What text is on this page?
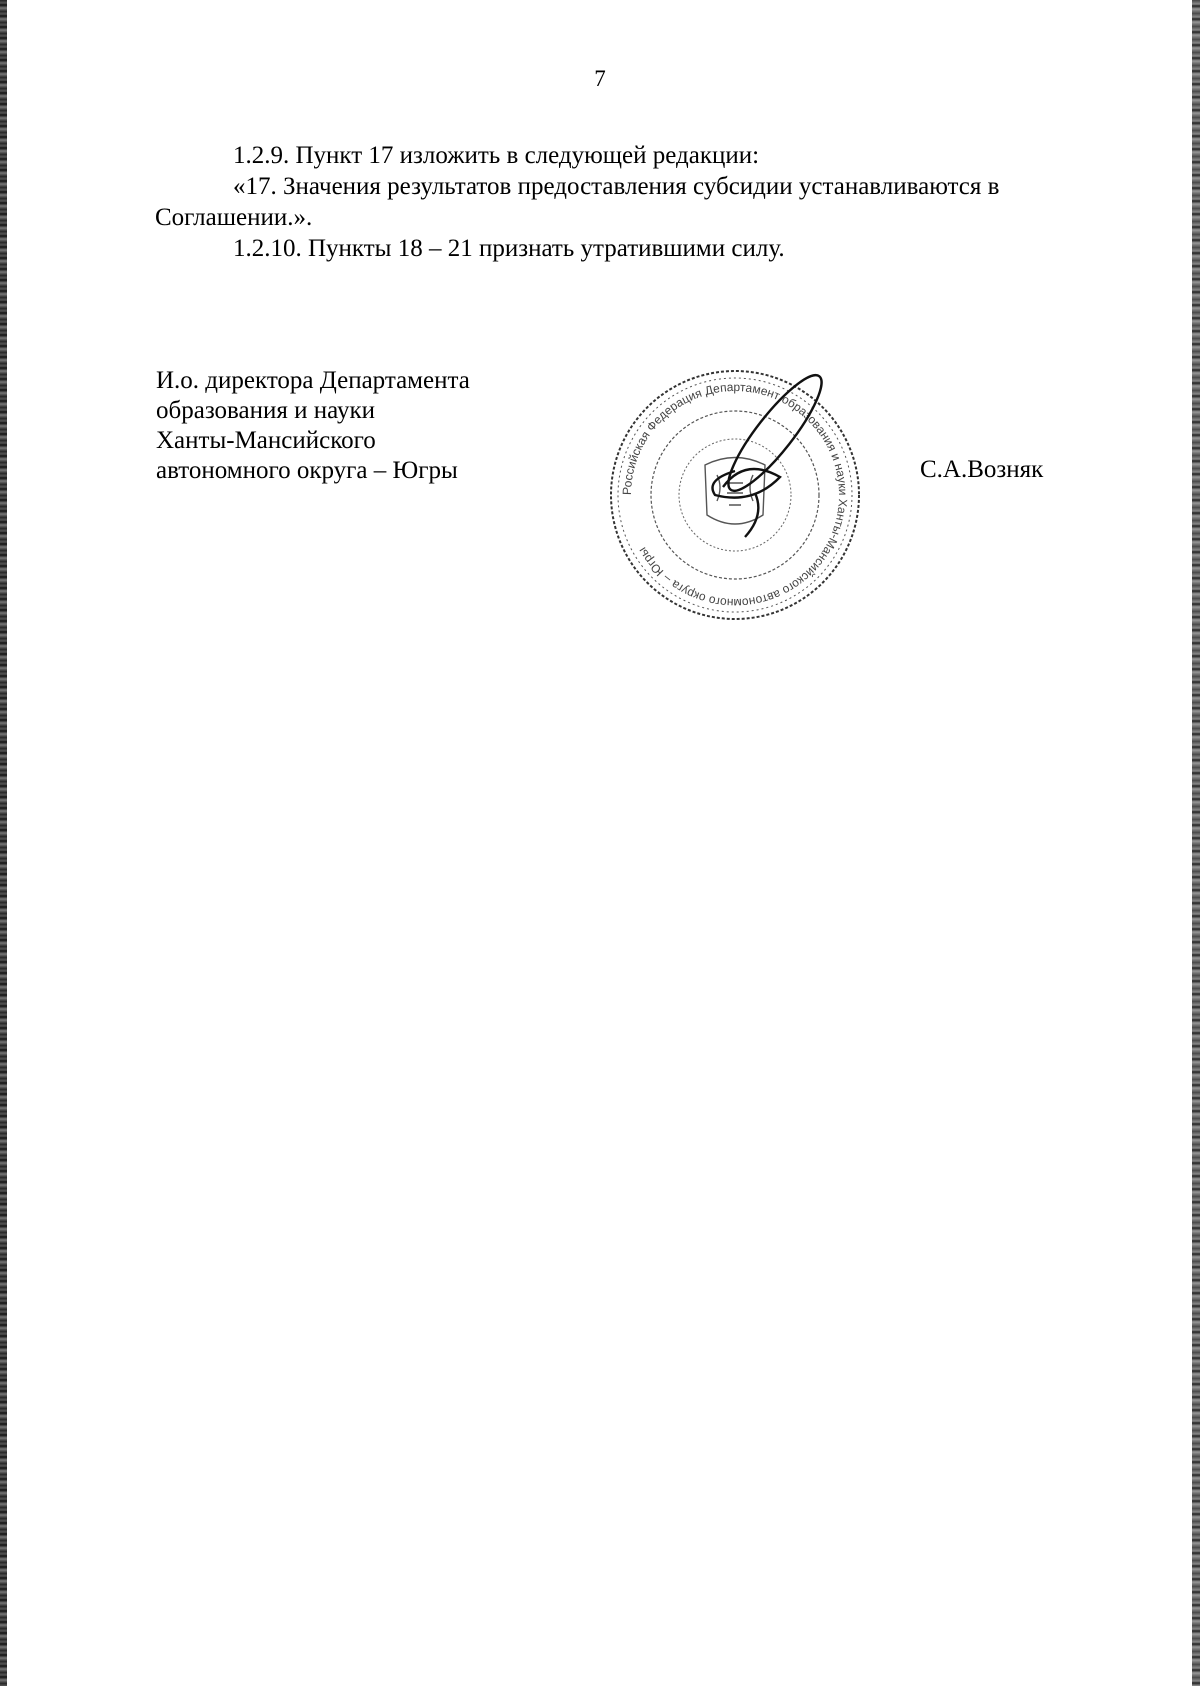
7

1.2.9. Пункт 17 изложить в следующей редакции:

«17. Значения результатов предоставления субсидии устанавливаются в Соглашении.».

1.2.10. Пункты 18 – 21 признать утратившими силу.

И.о. директора Департамента
образования и науки
Ханты-Мансийского
автономного округа – Югры
Российская Федерация Департамент образования и науки Ханты-Мансийского автономного округа – Югры
С.А.Возняк
